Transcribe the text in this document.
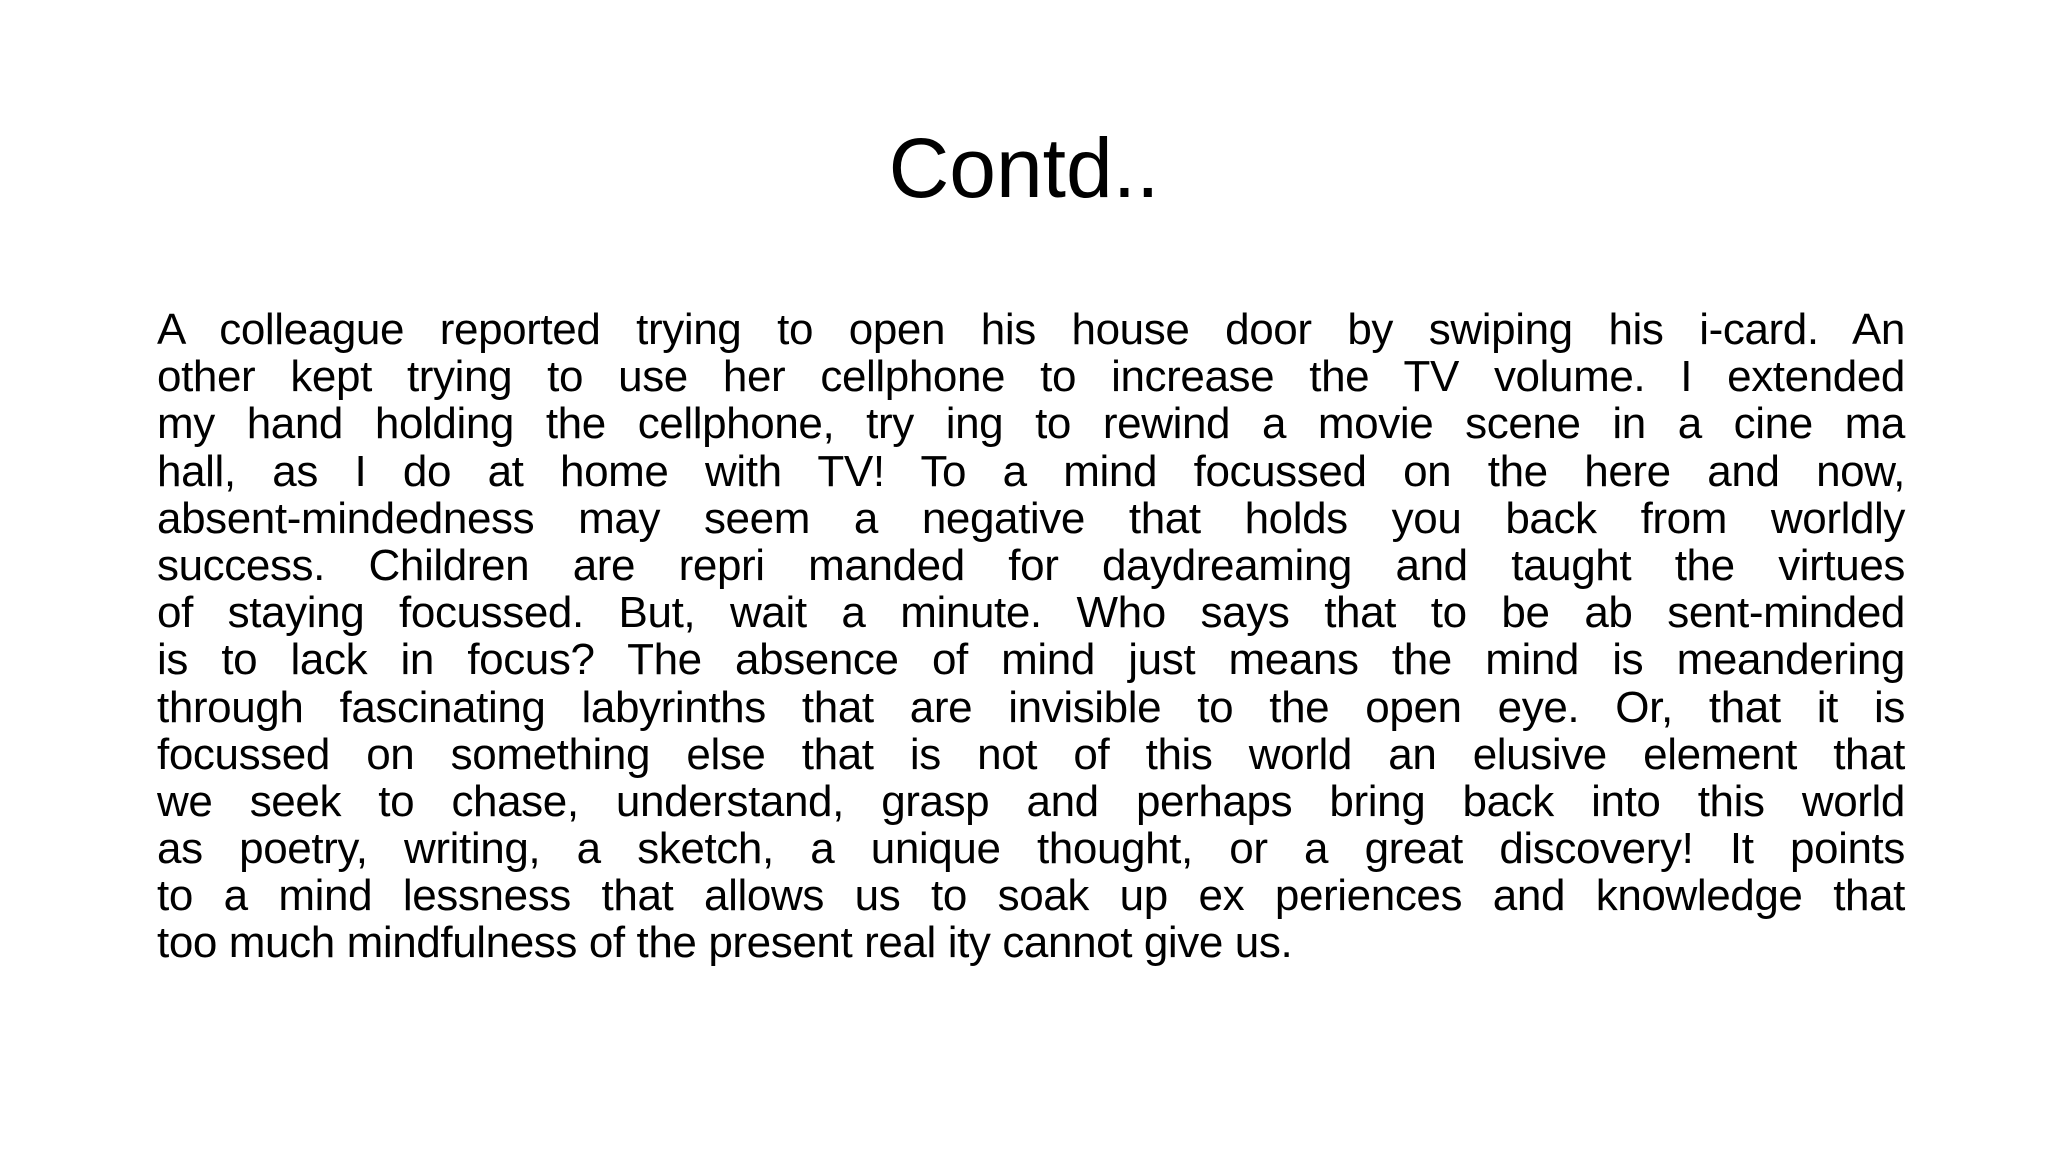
Contd..
A colleague reported trying to open his house door by swiping his i-card. An
other kept trying to use her cellphone to increase the TV volume. I extended
my hand holding the cellphone, try ing to rewind a movie scene in a cine ma
hall, as I do at home with TV! To a mind focussed on the here and now,
absent-mindedness may seem a negative that holds you back from worldly
success. Children are repri manded for daydreaming and taught the virtues
of staying focussed. But, wait a minute. Who says that to be ab sent-minded
is to lack in focus? The absence of mind just means the mind is meandering
through fascinating labyrinths that are invisible to the open eye. Or, that it is
focussed on something else that is not of this world an elusive element that
we seek to chase, understand, grasp and perhaps bring back into this world
as poetry, writing, a sketch, a unique thought, or a great discovery! It points
to a mind lessness that allows us to soak up ex periences and knowledge that
too much mindfulness of the present real ity cannot give us.
